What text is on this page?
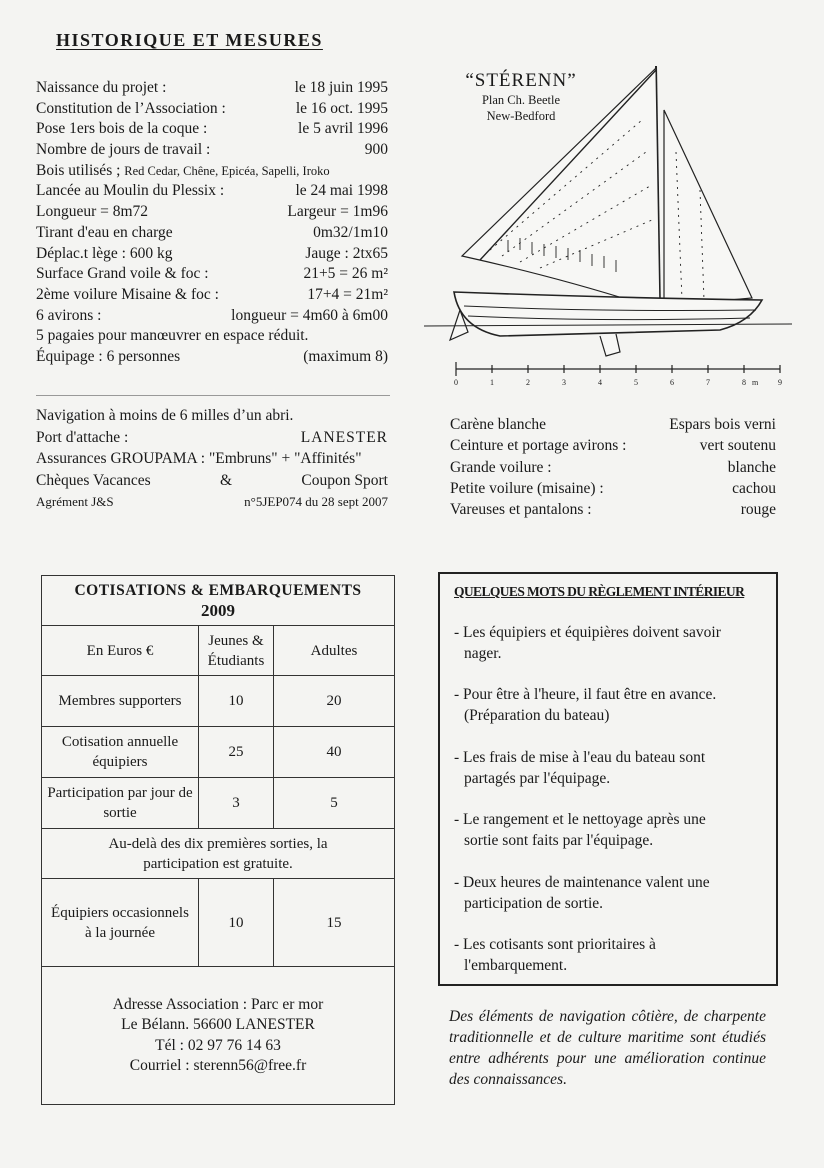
HISTORIQUE ET MESURES
Naissance du projet :	le 18 juin 1995
Constitution de l’Association :	le 16 oct. 1995
Pose 1ers bois de la coque :	le 5 avril 1996
Nombre de jours de travail :	900
Bois utilisés ; Red Cedar, Chêne, Epicéa, Sapelli, Iroko
Lancée au Moulin du Plessix :	le 24 mai 1998
Longueur = 8m72	Largeur = 1m96
Tirant d'eau en charge	0m32/1m10
Déplac.t lège : 600 kg	Jauge : 2tx65
Surface Grand voile & foc :	21+5 = 26 m²
2ème voilure Misaine & foc :	17+4 = 21m²
6 avirons :	longueur = 4m60 à 6m00
5 pagaies pour manœuvrer en espace réduit.
Équipage : 6 personnes	(maximum 8)
Navigation à moins de 6 milles d’un abri.
Port d'attache :	LANESTER
Assurances GROUPAMA : "Embruns" + "Affinités"
Chèques Vacances	&	Coupon Sport
Agrément J&S	n°5JEP074 du 28 sept 2007
“STÉRENN”
Plan Ch. Beetle
New-Bedford
0	1	2	3	4	5	6	7	8 m 9
Carène blanche	Espars bois verni
Ceinture et portage avirons :	vert soutenu
Grande voilure :	blanche
Petite voilure (misaine) :	cachou
Vareuses et pantalons :	rouge
COTISATIONS & EMBARQUEMENTS
2009		

En Euros €	Jeunes & Étudiants	Adultes
Membres supporters	10	20
Cotisation annuelle équipiers	25	40
Participation par jour de sortie	3	5
Au-delà des dix premières sorties, la participation est gratuite.		
Équipiers occasionnels à la journée	10	15

Adresse Association : Parc er mor
Le Bélann. 56600 LANESTER
Tél : 02 97 76 14 63
Courriel : sterenn56@free.fr		
QUELQUES MOTS DU RÈGLEMENT INTÉRIEUR
- Les équipiers et équipières doivent savoir
nager.
- Pour être à l'heure, il faut être en avance.
(Préparation du bateau)
- Les frais de mise à l'eau du bateau sont
partagés par l'équipage.
- Le rangement et le nettoyage après une
sortie sont faits par l'équipage.
- Deux heures de maintenance valent une
participation de sortie.
- Les cotisants sont prioritaires à
l'embarquement.
Des éléments de navigation côtière, de charpente traditionnelle et de culture maritime sont étudiés entre adhérents pour une amélioration continue des connaissances.
